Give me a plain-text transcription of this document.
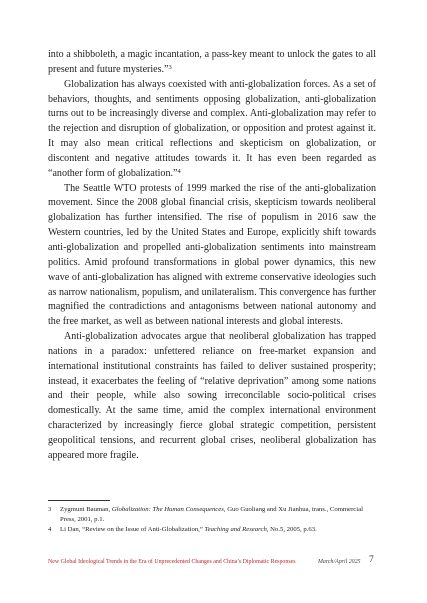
into a shibboleth, a magic incantation, a pass-key meant to unlock the gates to all present and future mysteries.”$^3$

Globalization has always coexisted with anti-globalization forces. As a set of behaviors, thoughts, and sentiments opposing globalization, anti-globalization turns out to be increasingly diverse and complex. Anti-globalization may refer to the rejection and disruption of globalization, or opposition and protest against it. It may also mean critical reflections and skepticism on globalization, or discontent and negative attitudes towards it. It has even been regarded as “another form of globalization.”$^4$

The Seattle WTO protests of 1999 marked the rise of the anti-globalization movement. Since the 2008 global financial crisis, skepticism towards neoliberal globalization has further intensified. The rise of populism in 2016 saw the Western countries, led by the United States and Europe, explicitly shift towards anti-globalization and propelled anti-globalization sentiments into mainstream politics. Amid profound transformations in global power dynamics, this new wave of anti-globalization has aligned with extreme conservative ideologies such as narrow nationalism, populism, and unilateralism. This convergence has further magnified the contradictions and antagonisms between national autonomy and the free market, as well as between national interests and global interests.

Anti-globalization advocates argue that neoliberal globalization has trapped nations in a paradox: unfettered reliance on free-market expansion and international institutional constraints has failed to deliver sustained prosperity; instead, it exacerbates the feeling of “relative deprivation” among some nations and their people, while also sowing irreconcilable socio-political crises domestically. At the same time, amid the complex international environment characterized by increasingly fierce global strategic competition, persistent geopolitical tensions, and recurrent global crises, neoliberal globalization has appeared more fragile.

3 Zygmunt Bauman, Globalization: The Human Consequences, Guo Guoliang and Xu Jianhua, trans., Commercial Press, 2001, p.1.
4 Li Dan, “Review on the Issue of Anti-Globalization,” Teaching and Research, No.5, 2005, p.63.
New Global Ideological Trends in the Era of Unprecedented Changes and China’s Diplomatic Responses	March/April 2025 7
